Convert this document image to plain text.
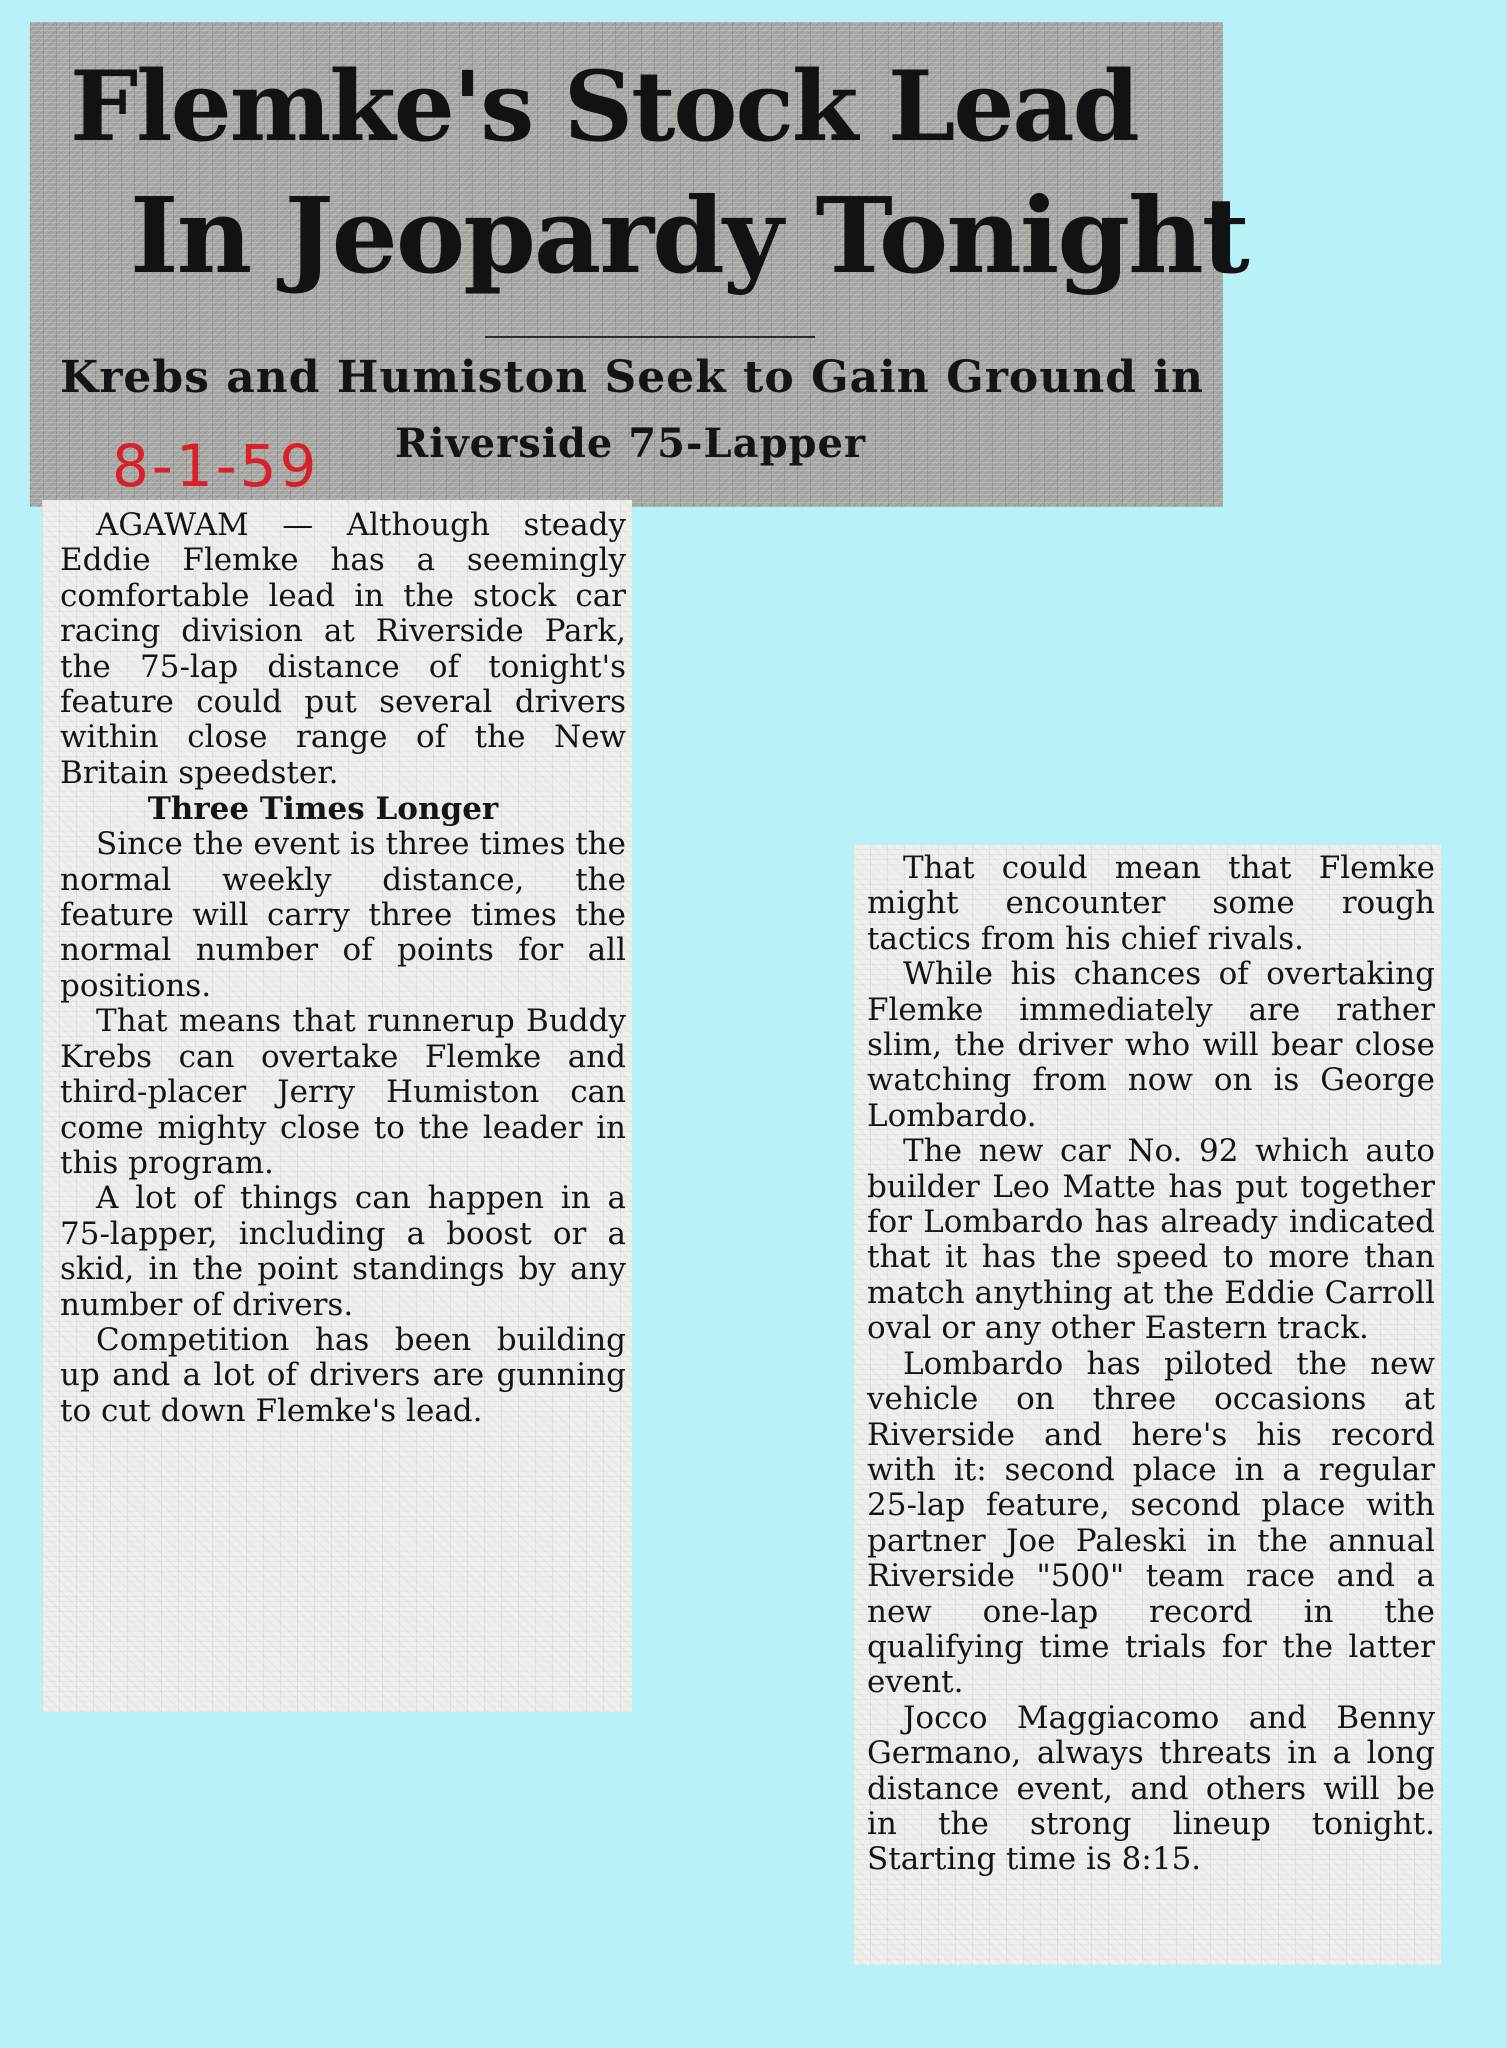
Flemke's Stock Lead
In Jeopardy Tonight
Krebs and Humiston Seek to Gain Ground in
Riverside 75-Lapper

8-1-59

AGAWAM — Although steady Eddie Flemke has a seemingly comfortable lead in the stock car racing division at Riverside Park, the 75-lap distance of tonight's feature could put several drivers within close range of the New Britain speedster.

Three Times Longer

Since the event is three times the normal weekly distance, the feature will carry three times the normal number of points for all positions.

That means that runnerup Buddy Krebs can overtake Flemke and third-placer Jerry Humiston can come mighty close to the leader in this program.

A lot of things can happen in a 75-lapper, including a boost or a skid, in the point standings by any number of drivers.

Competition has been building up and a lot of drivers are gunning to cut down Flemke's lead.

That could mean that Flemke might encounter some rough tactics from his chief rivals.

While his chances of overtaking Flemke immediately are rather slim, the driver who will bear close watching from now on is George Lombardo.

The new car No. 92 which auto builder Leo Matte has put together for Lombardo has already indicated that it has the speed to more than match anything at the Eddie Carroll oval or any other Eastern track.

Lombardo has piloted the new vehicle on three occasions at Riverside and here's his record with it: second place in a regular 25-lap feature, second place with partner Joe Paleski in the annual Riverside "500" team race and a new one-lap record in the qualifying time trials for the latter event.

Jocco Maggiacomo and Benny Germano, always threats in a long distance event, and others will be in the strong lineup tonight. Starting time is 8:15.
